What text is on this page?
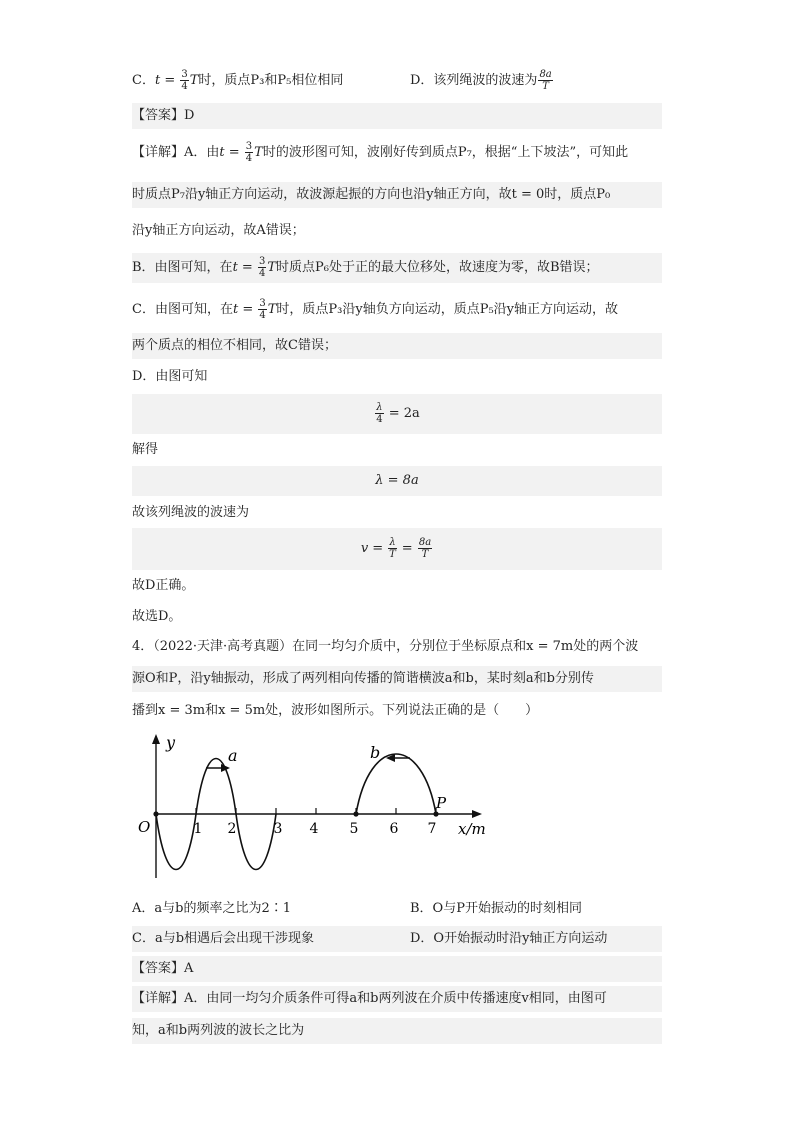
C．$t = \frac{3}{4}$ T时，质点P₃和P₅相位相同	D．该列绳波的波速为 $\frac{8a}{T}$
【答案】D
【详解】A．由$t = \frac{3}{4}$ T时的波形图可知，波刚好传到质点P₇，根据“上下坡法”，可知此
时质点P₇沿y轴正方向运动，故波源起振的方向也沿y轴正方向，故t = 0时，质点P₀
沿y轴正方向运动，故A错误；
B．由图可知，在$t = \frac{3}{4}$ T时质点P₆处于正的最大位移处，故速度为零，故B错误；
C．由图可知，在$t = \frac{3}{4}$ T时，质点P₃沿y轴负方向运动，质点P₅沿y轴正方向运动，故
两个质点的相位不相同，故C错误；
D．由图可知
$\frac{\lambda}{4} = 2a$
解得
λ = 8a
故该列绳波的波速为
$v = \frac{\lambda}{T} = \frac{8a}{T}$
故D正确。
故选D。
4．（2022·天津·高考真题）在同一均匀介质中，分别位于坐标原点和x = 7m处的两个波
源O和P，沿y轴振动，形成了两列相向传播的简谐横波a和b，某时刻a和b分别传
播到x = 3m和x = 5m处，波形如图所示。下列说法正确的是（　　）
y
x/m
O
a	b
P
1 2	3 4 5 6 7
A．a与b的频率之比为2∶1	B．O与P开始振动的时刻相同
C．a与b相遇后会出现干涉现象	D．O开始振动时沿y轴正方向运动
【答案】A
【详解】A．由同一均匀介质条件可得a和b两列波在介质中传播速度v相同，由图可
知，a和b两列波的波长之比为
